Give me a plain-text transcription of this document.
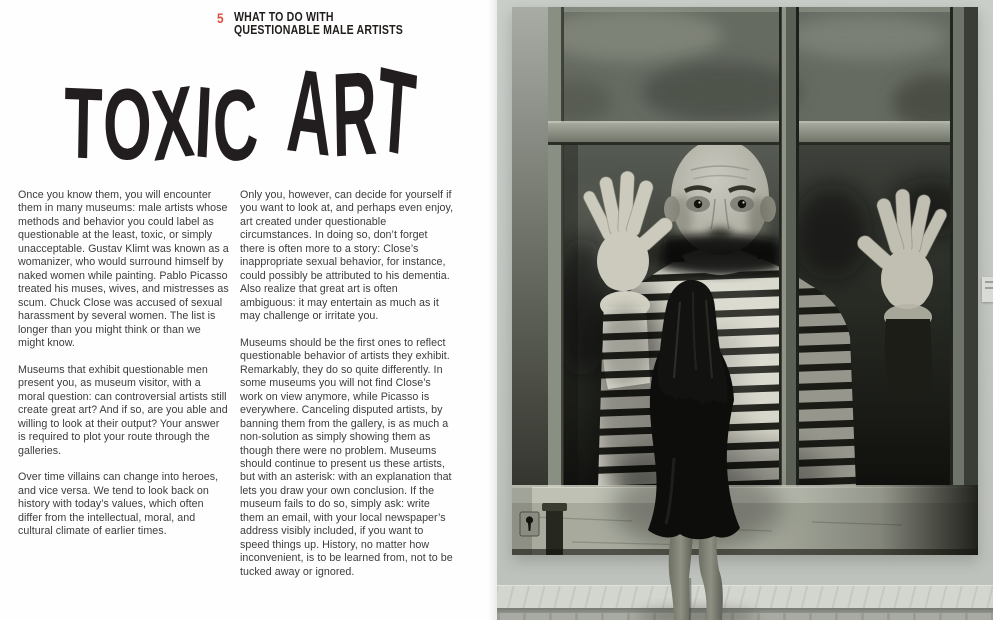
5 WHAT TO DO WITH
QUESTIONABLE MALE ARTISTS
TOXIC ART

Once you know them, you will encounter them in many museums: male artists whose methods and behavior you could label as questionable at the least, toxic, or simply unacceptable. Gustav Klimt was known as a womanizer, who would surround himself by naked women while painting. Pablo Picasso treated his muses, wives, and mistresses as scum. Chuck Close was accused of sexual harassment by several women. The list is longer than you might think or than we might know.

Museums that exhibit questionable men present you, as museum visitor, with a moral question: can controversial artists still create great art? And if so, are you able and willing to look at their output? Your answer is required to plot your route through the galleries.

Over time villains can change into heroes, and vice versa. We tend to look back on history with today’s values, which often differ from the intellectual, moral, and cultural climate of earlier times.

Only you, however, can decide for yourself if you want to look at, and perhaps even enjoy, art created under questionable circumstances. In doing so, don’t forget there is often more to a story: Close’s inappropriate sexual behavior, for instance, could possibly be attributed to his dementia. Also realize that great art is often ambiguous: it may entertain as much as it may challenge or irritate you.

Museums should be the first ones to reflect questionable behavior of artists they exhibit. Remarkably, they do so quite differently. In some museums you will not find Close’s work on view anymore, while Picasso is everywhere. Canceling disputed artists, by banning them from the gallery, is as much a non-solution as simply showing them as though there were no problem. Museums should continue to present us these artists, but with an asterisk: with an explanation that lets you draw your own conclusion. If the museum fails to do so, simply ask: write them an email, with your local newspaper’s address visibly included, if you want to speed things up. History, no matter how inconvenient, is to be learned from, not to be tucked away or ignored.
